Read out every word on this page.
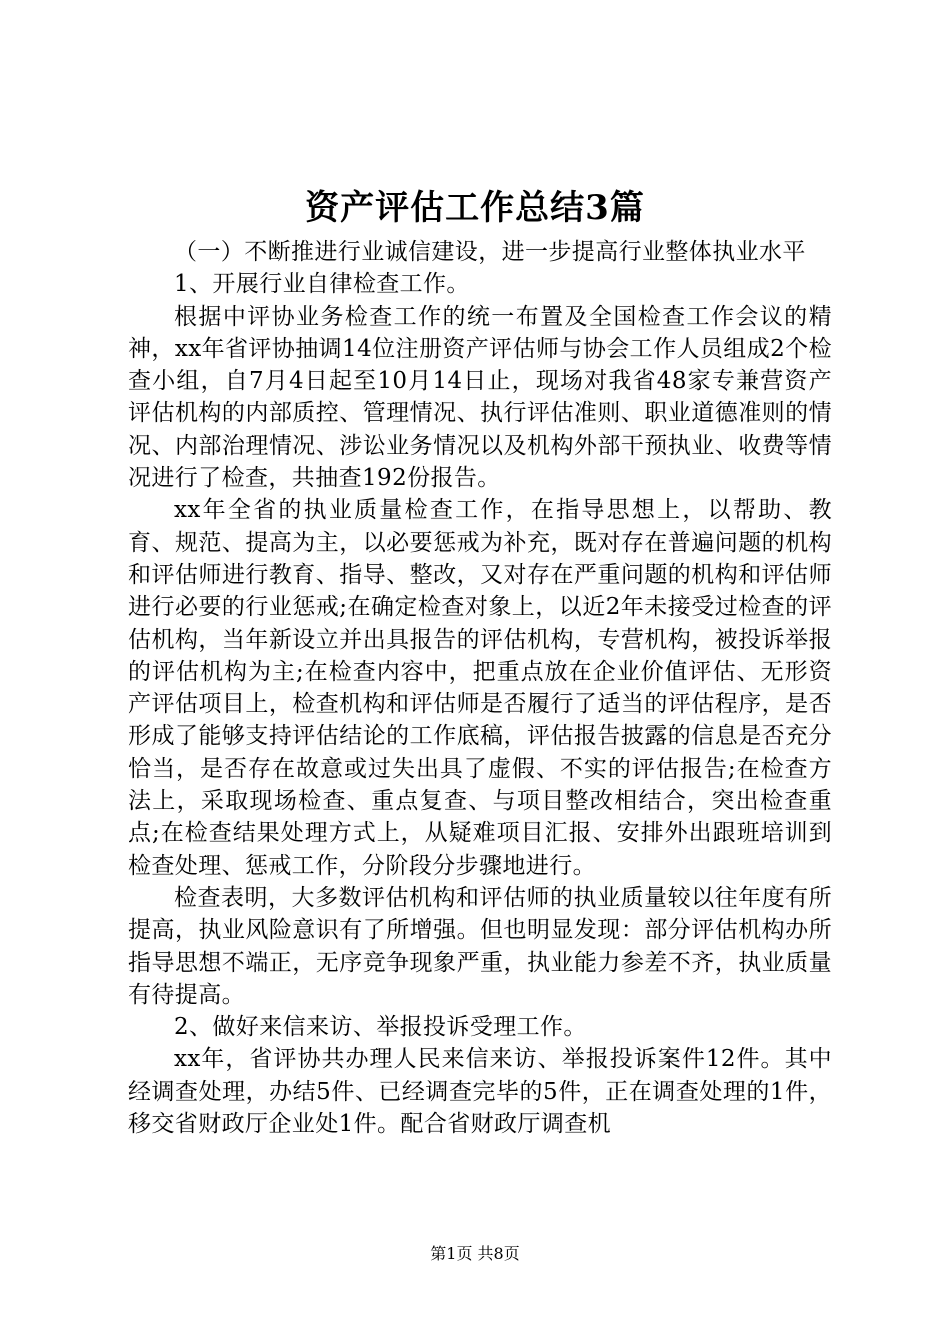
资产评估工作总结3篇

（一）不断推进行业诚信建设，进一步提高行业整体执业水平

1、开展行业自律检查工作。

根据中评协业务检查工作的统一布置及全国检查工作会议的精神，xx年省评协抽调14位注册资产评估师与协会工作人员组成2个检查小组，自7月4日起至10月14日止，现场对我省48家专兼营资产评估机构的内部质控、管理情况、执行评估准则、职业道德准则的情况、内部治理情况、涉讼业务情况以及机构外部干预执业、收费等情况进行了检查，共抽查192份报告。

xx年全省的执业质量检查工作，在指导思想上，以帮助、教育、规范、提高为主，以必要惩戒为补充，既对存在普遍问题的机构和评估师进行教育、指导、整改，又对存在严重问题的机构和评估师进行必要的行业惩戒;在确定检查对象上，以近2年未接受过检查的评估机构，当年新设立并出具报告的评估机构，专营机构，被投诉举报的评估机构为主;在检查内容中，把重点放在企业价值评估、无形资产评估项目上，检查机构和评估师是否履行了适当的评估程序，是否形成了能够支持评估结论的工作底稿，评估报告披露的信息是否充分恰当，是否存在故意或过失出具了虚假、不实的评估报告;在检查方法上，采取现场检查、重点复查、与项目整改相结合，突出检查重点;在检查结果处理方式上，从疑难项目汇报、安排外出跟班培训到检查处理、惩戒工作，分阶段分步骤地进行。

检查表明，大多数评估机构和评估师的执业质量较以往年度有所提高，执业风险意识有了所增强。但也明显发现：部分评估机构办所指导思想不端正，无序竞争现象严重，执业能力参差不齐，执业质量有待提高。

2、做好来信来访、举报投诉受理工作。

xx年，省评协共办理人民来信来访、举报投诉案件12件。其中经调查处理，办结5件、已经调查完毕的5件，正在调查处理的1件，移交省财政厅企业处1件。配合省财政厅调查机

第1页 共8页
